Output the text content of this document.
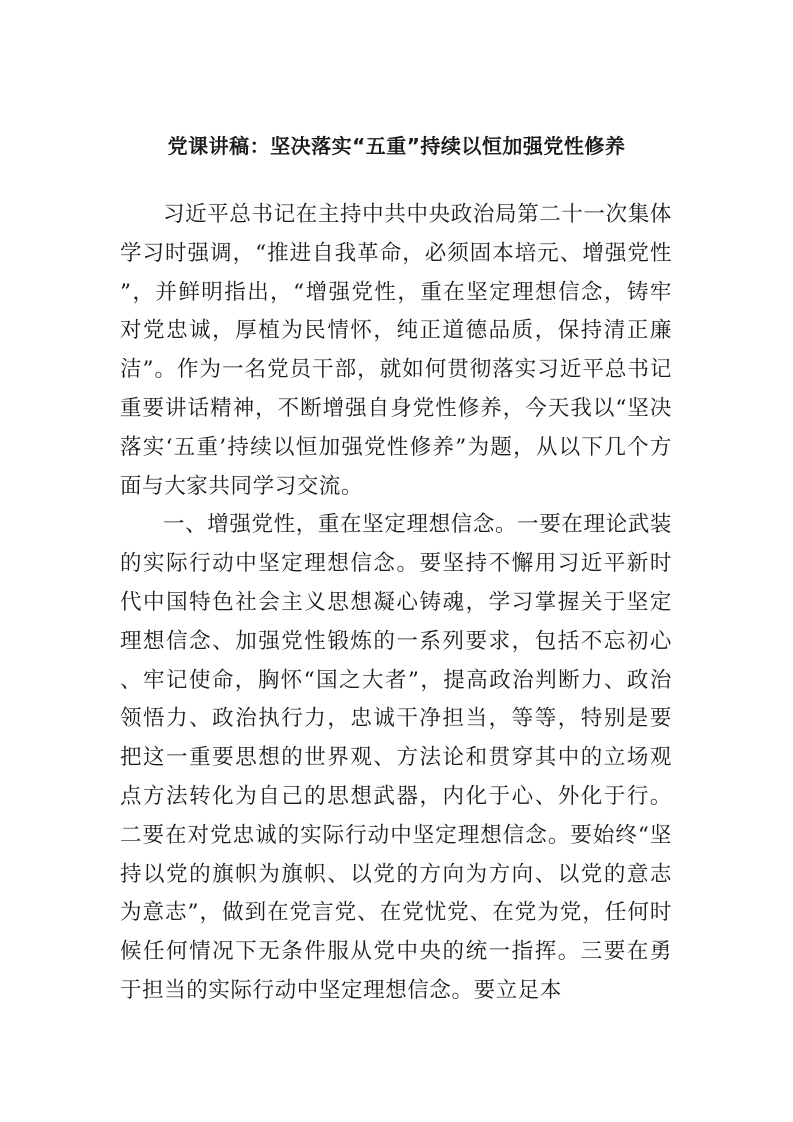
党课讲稿：坚决落实“五重”持续以恒加强党性修养

习近平总书记在主持中共中央政治局第二十一次集体学习时强调，“推进自我革命，必须固本培元、增强党性”，并鲜明指出，“增强党性，重在坚定理想信念，铸牢对党忠诚，厚植为民情怀，纯正道德品质，保持清正廉洁”。作为一名党员干部，就如何贯彻落实习近平总书记重要讲话精神，不断增强自身党性修养，今天我以“坚决落实‘五重’持续以恒加强党性修养”为题，从以下几个方面与大家共同学习交流。

一、增强党性，重在坚定理想信念。一要在理论武装的实际行动中坚定理想信念。要坚持不懈用习近平新时代中国特色社会主义思想凝心铸魂，学习掌握关于坚定理想信念、加强党性锻炼的一系列要求，包括不忘初心、牢记使命，胸怀“国之大者”，提高政治判断力、政治领悟力、政治执行力，忠诚干净担当，等等，特别是要把这一重要思想的世界观、方法论和贯穿其中的立场观点方法转化为自己的思想武器，内化于心、外化于行。二要在对党忠诚的实际行动中坚定理想信念。要始终“坚持以党的旗帜为旗帜、以党的方向为方向、以党的意志为意志”，做到在党言党、在党忧党、在党为党，任何时候任何情况下无条件服从党中央的统一指挥。三要在勇于担当的实际行动中坚定理想信念。要立足本
